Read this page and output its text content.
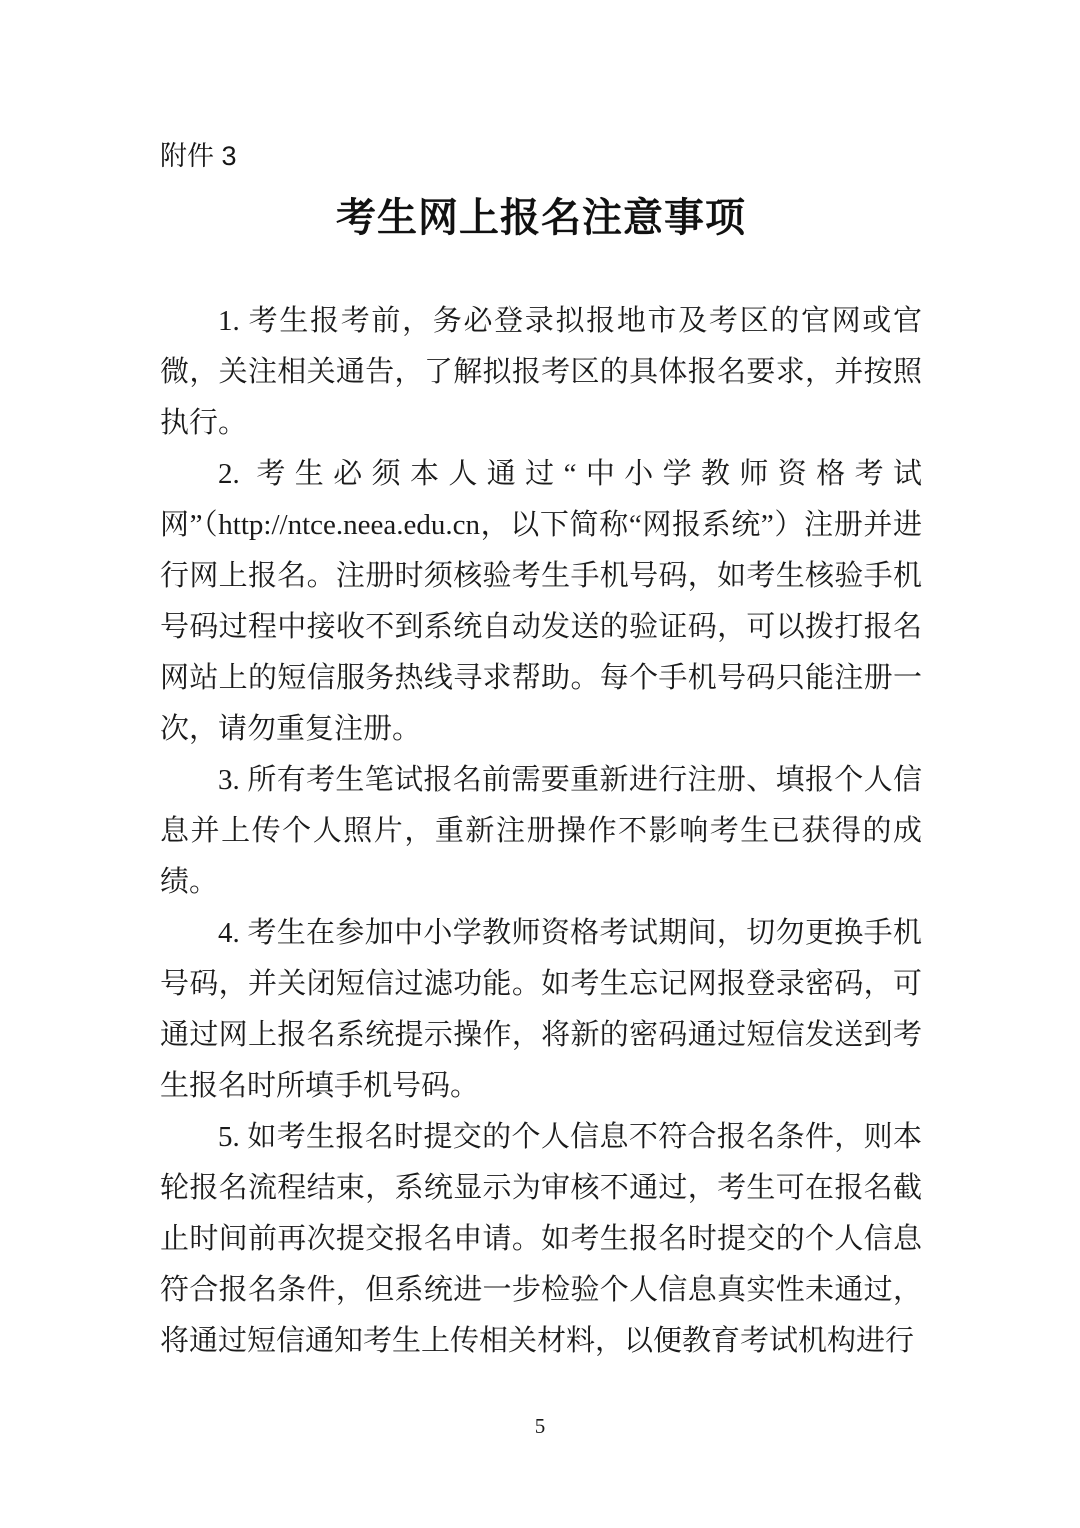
附件 3
考生网上报名注意事项

1. 考生报考前，务必登录拟报地市及考区的官网或官微，关注相关通告，了解拟报考区的具体报名要求，并按照执行。

2. 考生必须本人通过“中小学教师资格考试网”（http://ntce.neea.edu.cn，以下简称“网报系统”）注册并进行网上报名。注册时须核验考生手机号码，如考生核验手机号码过程中接收不到系统自动发送的验证码，可以拨打报名网站上的短信服务热线寻求帮助。每个手机号码只能注册一次，请勿重复注册。

3. 所有考生笔试报名前需要重新进行注册、填报个人信息并上传个人照片，重新注册操作不影响考生已获得的成绩。

4. 考生在参加中小学教师资格考试期间，切勿更换手机号码，并关闭短信过滤功能。如考生忘记网报登录密码，可通过网上报名系统提示操作，将新的密码通过短信发送到考生报名时所填手机号码。

5. 如考生报名时提交的个人信息不符合报名条件，则本轮报名流程结束，系统显示为审核不通过，考生可在报名截止时间前再次提交报名申请。如考生报名时提交的个人信息符合报名条件，但系统进一步检验个人信息真实性未通过，将通过短信通知考生上传相关材料，以便教育考试机构进行

5
